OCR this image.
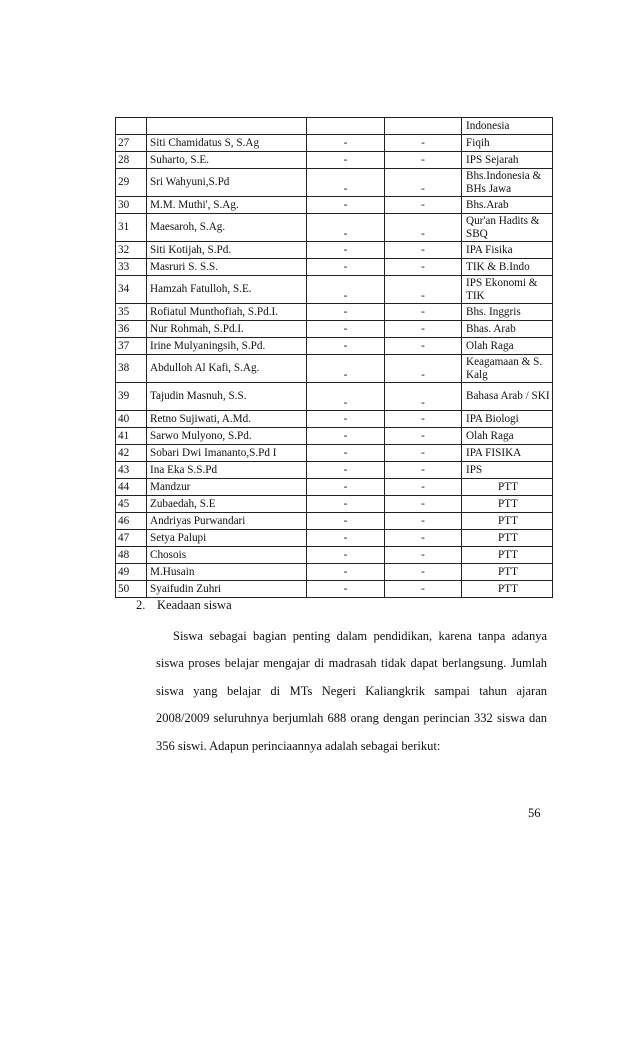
				Indonesia
27	Siti Chamidatus S, S.Ag	-	-	Fiqih
28	Suharto, S.E.	-	-	IPS Sejarah
29	Sri Wahyuni,S.Pd	-	-	Bhs.Indonesia & BHs Jawa
30	M.M. Muthi', S.Ag.	-	-	Bhs.Arab
31	Maesaroh, S.Ag.	-	-	Qur'an Hadits & SBQ
32	Siti Kotijah, S.Pd.	-	-	IPA Fisika
33	Masruri S. S.S.	-	-	TIK & B.Indo
34	Hamzah Fatulloh, S.E.	-	-	IPS Ekonomi & TIK
35	Rofiatul Munthofiah, S.Pd.I.	-	-	Bhs. Inggris
36	Nur Rohmah, S.Pd.I.	-	-	Bhas. Arab
37	Irine Mulyaningsih, S.Pd.	-	-	Olah Raga
38	Abdulloh Al Kafi, S.Ag.	-	-	Keagamaan & S. Kalg
39	Tajudin Masnuh, S.S.	-	-	Bahasa Arab / SKI
40	Retno Sujiwati, A.Md.	-	-	IPA Biologi
41	Sarwo Mulyono, S.Pd.	-	-	Olah Raga
42	Sobari Dwi Imananto,S.Pd I	-	-	IPA FISIKA
43	Ina Eka S.S.Pd	-	-	IPS
44	Mandzur	-	-	PTT
45	Zubaedah, S.E	-	-	PTT
46	Andriyas Purwandari	-	-	PTT
47	Setya Palupi	-	-	PTT
48	Chosois	-	-	PTT
49	M.Husain	-	-	PTT
50	Syaifudin Zuhri	-	-	PTT
2. Keadaan siswa
Siswa sebagai bagian penting dalam pendidikan, karena tanpa adanya
siswa proses belajar mengajar di madrasah tidak dapat berlangsung. Jumlah
siswa yang belajar di MTs Negeri Kaliangkrik sampai tahun ajaran
2008/2009 seluruhnya berjumlah 688 orang dengan perincian 332 siswa dan
356 siswi. Adapun perinciaannya adalah sebagai berikut:
56
